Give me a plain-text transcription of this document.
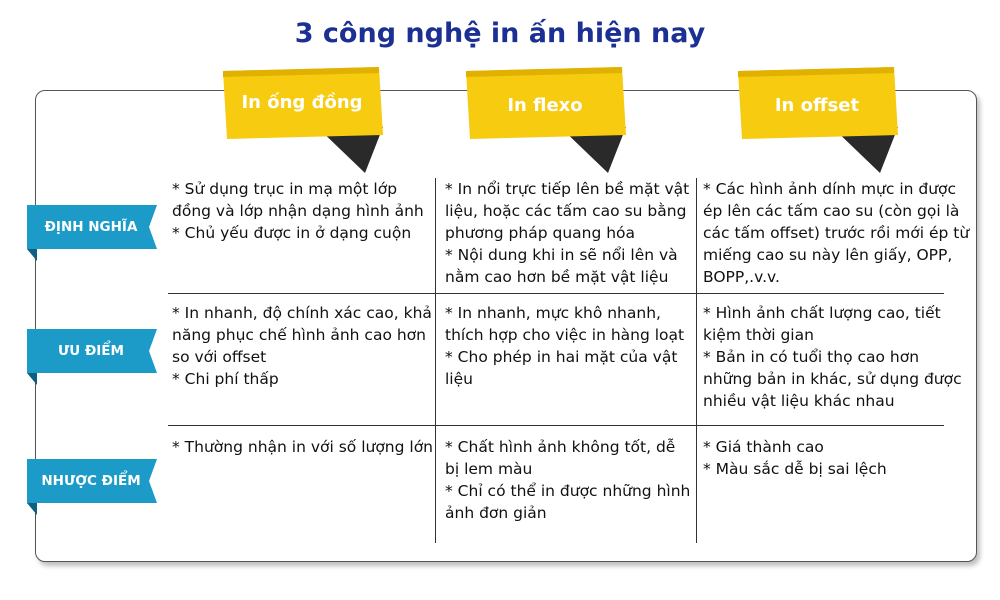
3 công nghệ in ấn hiện nay
In ống đồng	In flexo	In offset
ĐỊNH NGHĨA
ƯU ĐIỂM
NHƯỢC ĐIỂM
* Sử dụng trục in mạ một lớp đồng và lớp nhận dạng hình ảnh
* Chủ yếu được in ở dạng cuộn
* In nổi trực tiếp lên bề mặt vật liệu, hoặc các tấm cao su bằng phương pháp quang hóa
* Nội dung khi in sẽ nổi lên và nằm cao hơn bề mặt vật liệu
* Các hình ảnh dính mực in được ép lên các tấm cao su (còn gọi là các tấm offset) trước rồi mới ép từ miếng cao su này lên giấy, OPP, BOPP,.v.v.
* In nhanh, độ chính xác cao, khả năng phục chế hình ảnh cao hơn so với offset
* Chi phí thấp
* In nhanh, mực khô nhanh, thích hợp cho việc in hàng loạt
* Cho phép in hai mặt của vật liệu
* Hình ảnh chất lượng cao, tiết kiệm thời gian
* Bản in có tuổi thọ cao hơn những bản in khác, sử dụng được nhiều vật liệu khác nhau
* Thường nhận in với số lượng lớn * Chất hình ảnh không tốt, dễ bị lem màu
* Chỉ có thể in được những hình ảnh đơn giản
* Giá thành cao
* Màu sắc dễ bị sai lệch
